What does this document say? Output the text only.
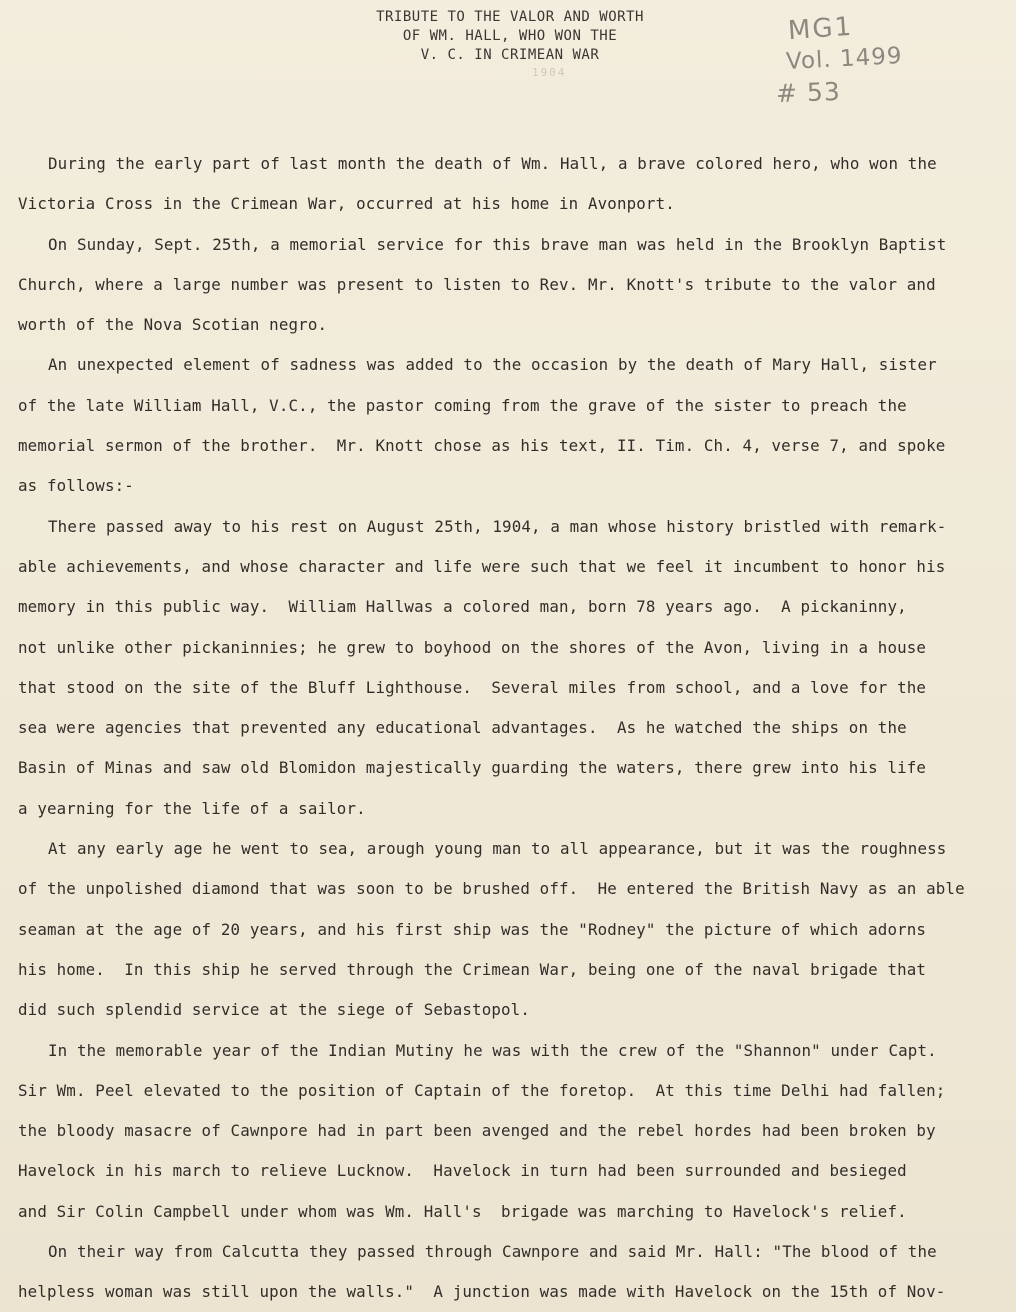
TRIBUTE TO THE VALOR AND WORTH
OF WM. HALL, WHO WON THE
V. C. IN CRIMEAN WAR
1904
MG1
Vol. 1499
# 53
During the early part of last month the death of Wm. Hall, a brave colored hero, who won the
Victoria Cross in the Crimean War, occurred at his home in Avonport.
On Sunday, Sept. 25th, a memorial service for this brave man was held in the Brooklyn Baptist
Church, where a large number was present to listen to Rev. Mr. Knott's tribute to the valor and
worth of the Nova Scotian negro.
An unexpected element of sadness was added to the occasion by the death of Mary Hall, sister
of the late William Hall, V.C., the pastor coming from the grave of the sister to preach the
memorial sermon of the brother.  Mr. Knott chose as his text, II. Tim. Ch. 4, verse 7, and spoke
as follows:-
There passed away to his rest on August 25th, 1904, a man whose history bristled with remark-
able achievements, and whose character and life were such that we feel it incumbent to honor his
memory in this public way.  William Hallwas a colored man, born 78 years ago.  A pickaninny,
not unlike other pickaninnies; he grew to boyhood on the shores of the Avon, living in a house
that stood on the site of the Bluff Lighthouse.  Several miles from school, and a love for the
sea were agencies that prevented any educational advantages.  As he watched the ships on the
Basin of Minas and saw old Blomidon majestically guarding the waters, there grew into his life
a yearning for the life of a sailor.
At any early age he went to sea, arough young man to all appearance, but it was the roughness
of the unpolished diamond that was soon to be brushed off.  He entered the British Navy as an able
seaman at the age of 20 years, and his first ship was the "Rodney" the picture of which adorns
his home.  In this ship he served through the Crimean War, being one of the naval brigade that
did such splendid service at the siege of Sebastopol.
In the memorable year of the Indian Mutiny he was with the crew of the "Shannon" under Capt.
Sir Wm. Peel elevated to the position of Captain of the foretop.  At this time Delhi had fallen;
the bloody masacre of Cawnpore had in part been avenged and the rebel hordes had been broken by
Havelock in his march to relieve Lucknow.  Havelock in turn had been surrounded and besieged
and Sir Colin Campbell under whom was Wm. Hall's  brigade was marching to Havelock's relief.
On their way from Calcutta they passed through Cawnpore and said Mr. Hall: "The blood of the
helpless woman was still upon the walls."  A junction was made with Havelock on the 15th of Nov-
